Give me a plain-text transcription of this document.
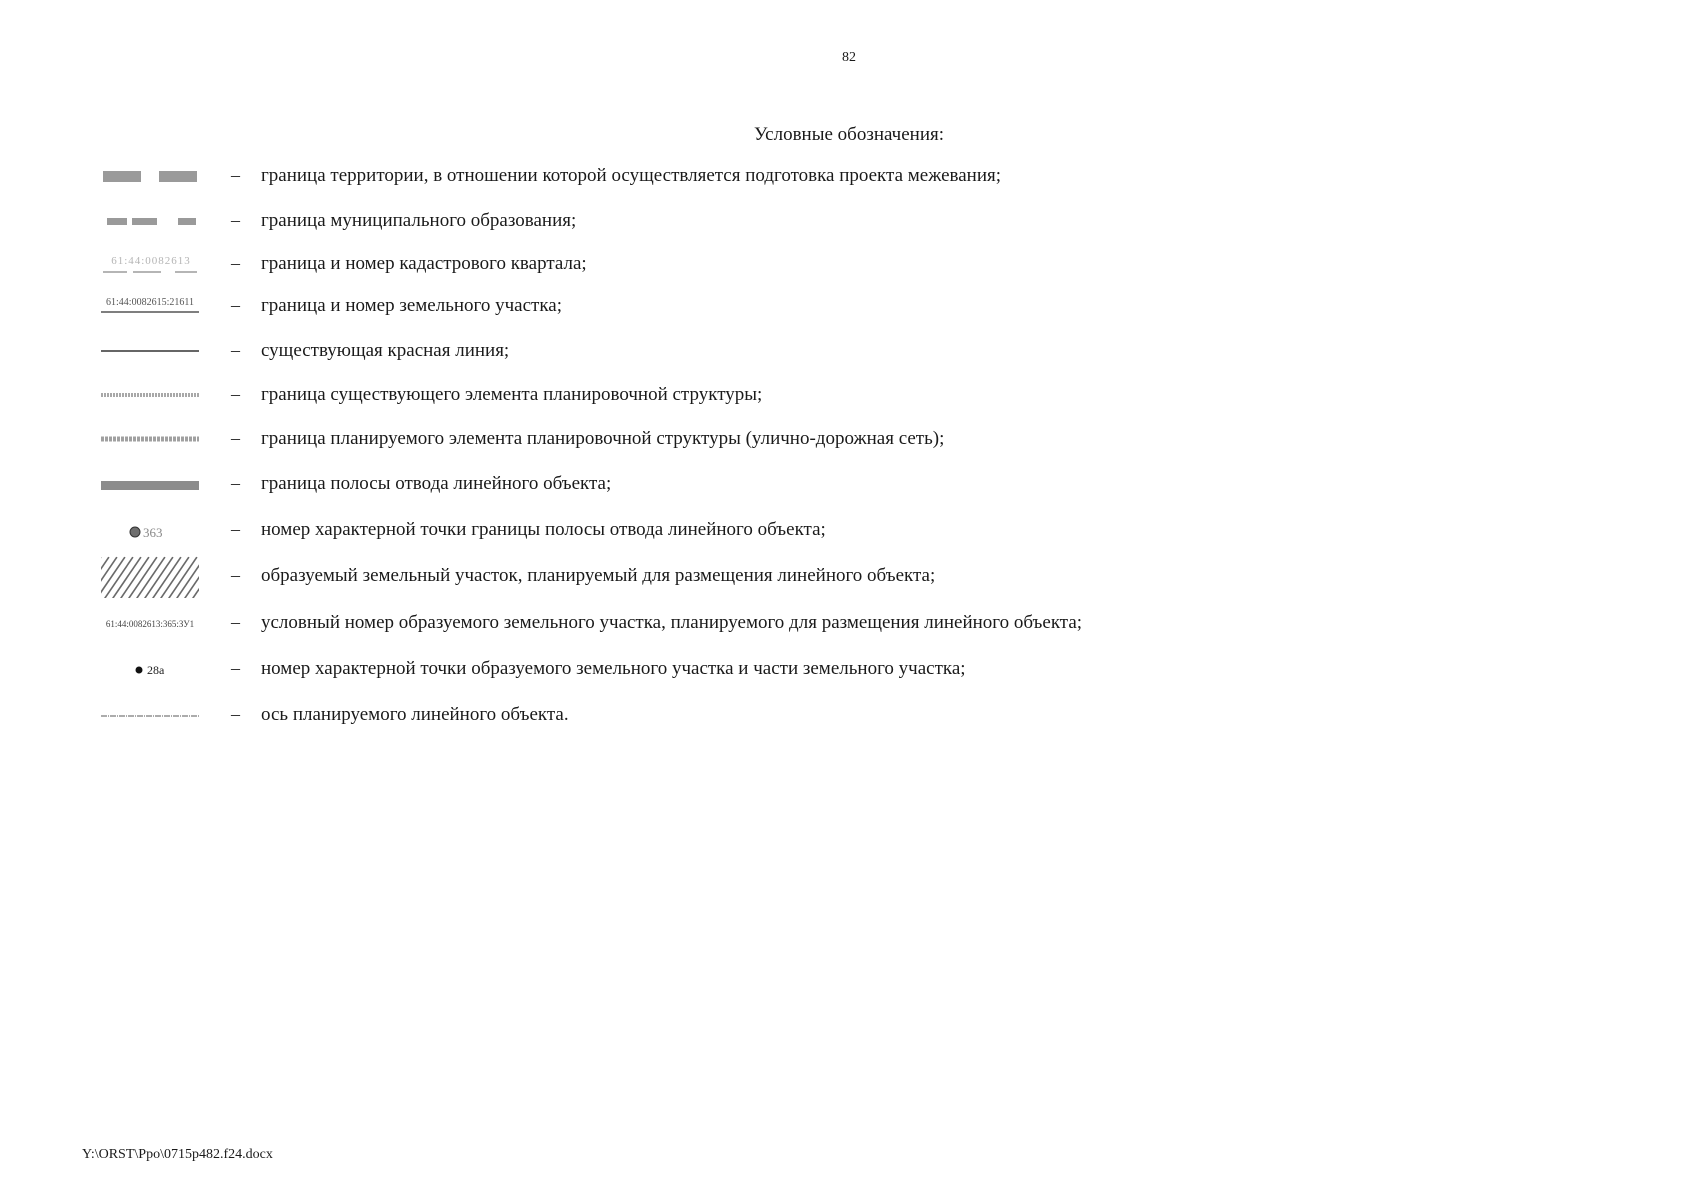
82
Условные обозначения:
– граница территории, в отношении которой осуществляется подготовка проекта межевания;
– граница муниципального образования;
61:44:0082613 – граница и номер кадастрового квартала;
61:44:0082615:21611 – граница и номер земельного участка;
– существующая красная линия;
– граница существующего элемента планировочной структуры;
– граница планируемого элемента планировочной структуры (улично-дорожная сеть);
– граница полосы отвода линейного объекта;
363	– номер характерной точки границы полосы отвода линейного объекта;
– образуемый земельный участок, планируемый для размещения линейного объекта;
61:44:0082613:365:ЗУ1 – условный номер образуемого земельного участка, планируемого для размещения линейного объекта;
28а	– номер характерной точки образуемого земельного участка и части земельного участка;
– ось планируемого линейного объекта.
Y:\ORST\Ppo\0715p482.f24.docx
